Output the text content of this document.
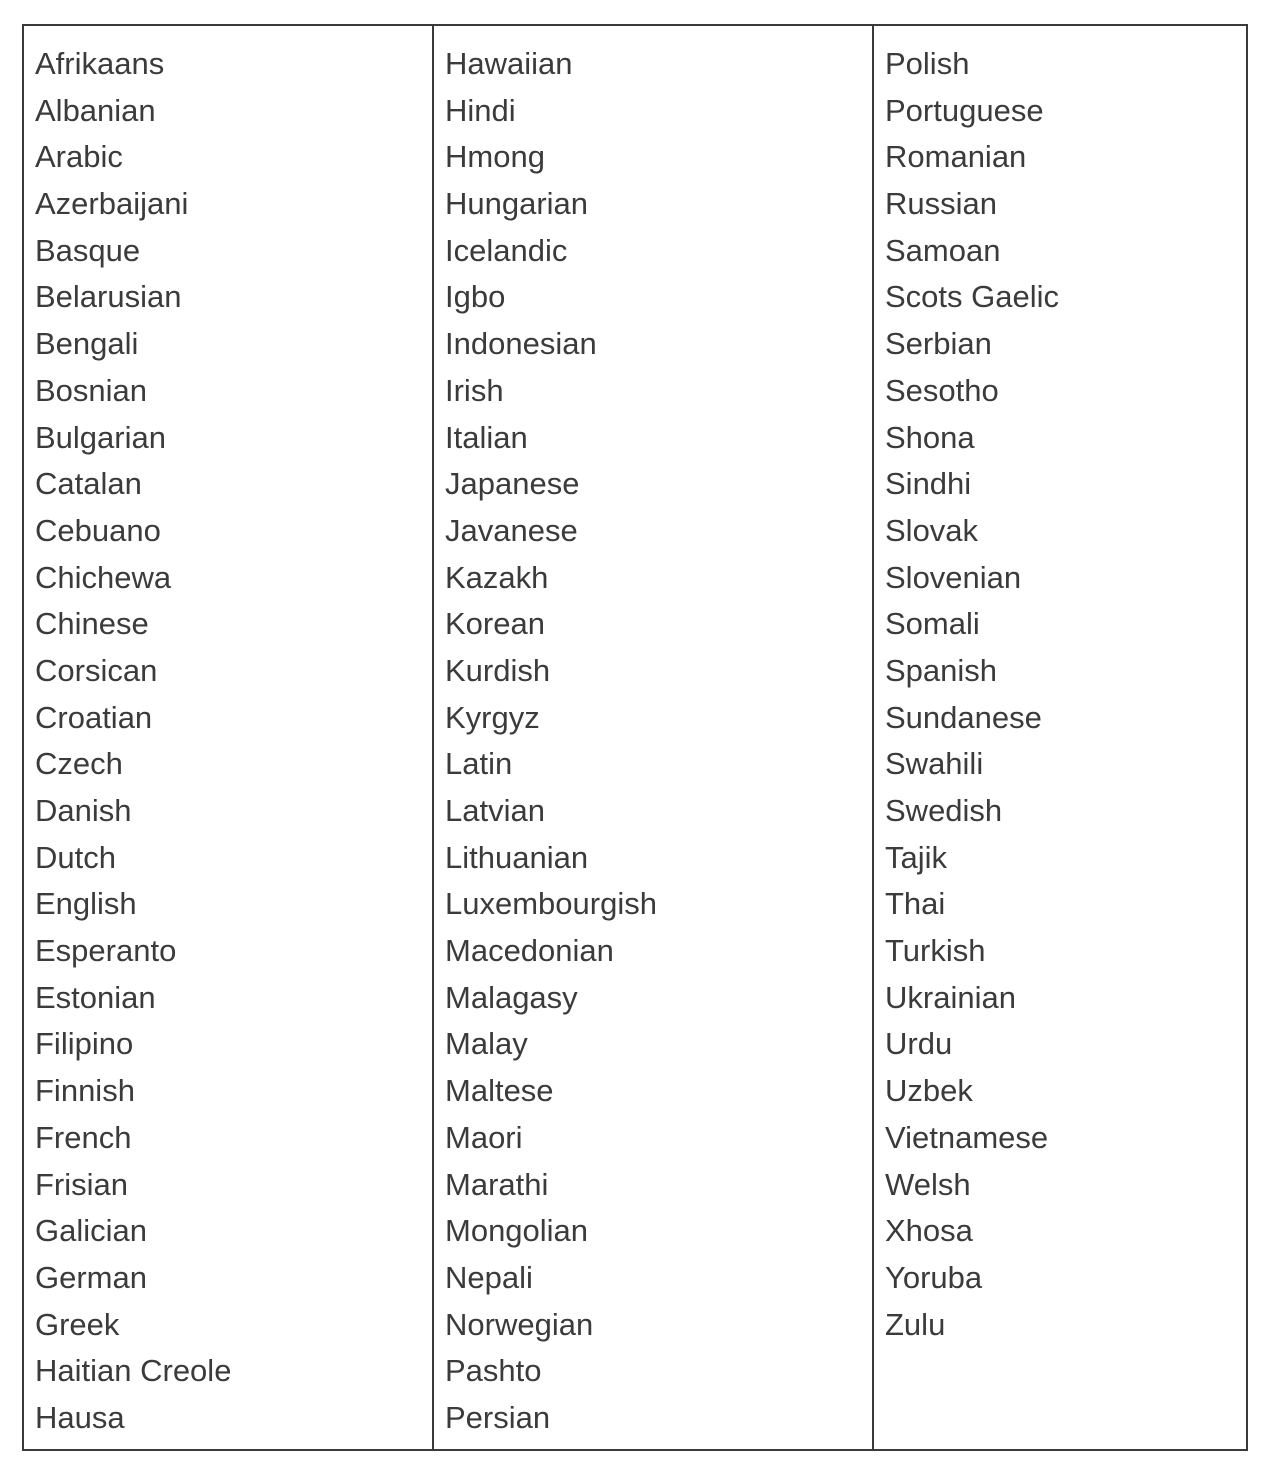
Afrikaans
Albanian
Arabic
Azerbaijani
Basque
Belarusian
Bengali
Bosnian
Bulgarian
Catalan
Cebuano
Chichewa
Chinese
Corsican
Croatian
Czech
Danish
Dutch
English
Esperanto
Estonian
Filipino
Finnish
French
Frisian
Galician
German
Greek
Haitian Creole
Hausa
Hawaiian
Hindi
Hmong
Hungarian
Icelandic
Igbo
Indonesian
Irish
Italian
Japanese
Javanese
Kazakh
Korean
Kurdish
Kyrgyz
Latin
Latvian
Lithuanian
Luxembourgish
Macedonian
Malagasy
Malay
Maltese
Maori
Marathi
Mongolian
Nepali
Norwegian
Pashto
Persian
Polish
Portuguese
Romanian
Russian
Samoan
Scots Gaelic
Serbian
Sesotho
Shona
Sindhi
Slovak
Slovenian
Somali
Spanish
Sundanese
Swahili
Swedish
Tajik
Thai
Turkish
Ukrainian
Urdu
Uzbek
Vietnamese
Welsh
Xhosa
Yoruba
Zulu
